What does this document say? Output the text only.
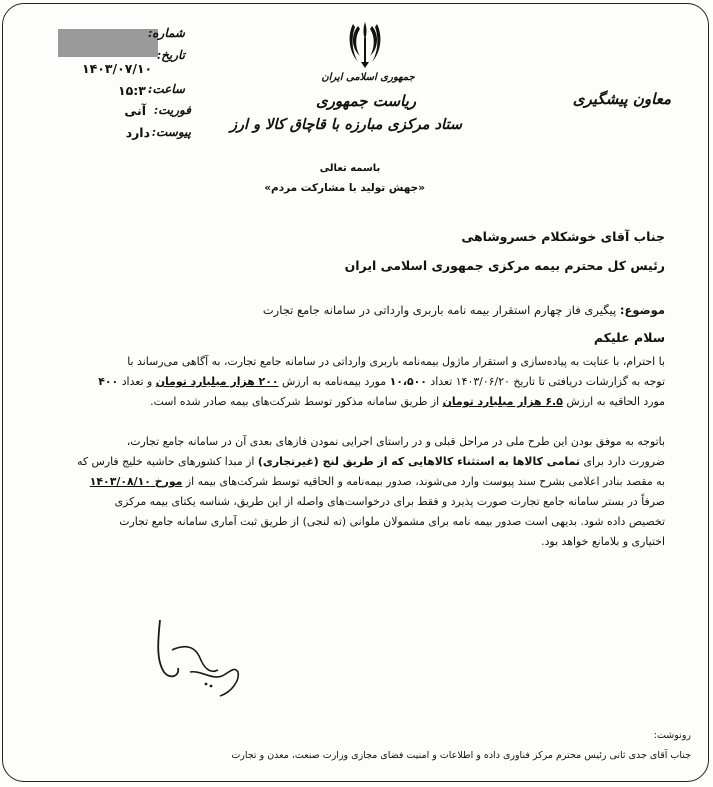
شماره:
تاریخ:
۱۴۰۳/۰۷/۱۰
ساعت:
۱۵:۳۰
فوریت:
آنی
پیوست:
دارد
جمهوری اسلامی ایران
ریاست جمهوری
ستاد مرکزی مبارزه با قاچاق کالا و ارز
معاون پیشگیری
باسمه تعالی
«جهش تولید با مشارکت مردم»
جناب آقای خوشکلام خسروشاهی
رئیس کل محترم بیمه مرکزی جمهوری اسلامی ایران
موضوع: پیگیری فاز چهارم استقرار بیمه نامه باربری وارداتی در سامانه جامع تجارت
سلام علیکم
با احترام، با عنایت به پیاده‌سازی و استقرار ماژول بیمه‌نامه باربری وارداتی در سامانه جامع تجارت، به آگاهی می‌رساند با
توجه به گزارشات دریافتی تا تاریخ ۱۴۰۳/۰۶/۲۰ تعداد ۱۰،۵۰۰ مورد بیمه‌نامه به ارزش ۲۰۰ هزار میلیارد تومان و تعداد ۴۰۰
مورد الحاقیه به ارزش ۶.۵ هزار میلیارد تومان از طریق سامانه مذکور توسط شرکت‌های بیمه صادر شده است.
باتوجه به موفق بودن این طرح ملی در مراحل قبلی و در راستای اجرایی نمودن فازهای بعدی آن در سامانه جامع تجارت،
ضرورت دارد برای تمامی کالاها به استثناء کالاهایی که از طریق لنج (غیرتجاری) از مبدا کشورهای حاشیه خلیج فارس که
به مقصد بنادر اعلامی بشرح سند پیوست وارد می‌شوند، صدور بیمه‌نامه و الحاقیه توسط شرکت‌های بیمه از مورخ ۱۴۰۳/۰۸/۱۰
صرفاً در بستر سامانه جامع تجارت صورت پذیرد و فقط برای درخواست‌های واصله از این طریق، شناسه یکتای بیمه مرکزی
تخصیص داده شود. بدیهی است صدور بیمه نامه برای مشمولان ملوانی (ته لنجی) از طریق ثبت آماری سامانه جامع تجارت
اختیاری و بلامانع خواهد بود.
رونوشت:
جناب آقای جدی ثانی رئیس محترم مرکز فناوری داده و اطلاعات و امنیت فضای مجازی وزارت صنعت، معدن و تجارت
